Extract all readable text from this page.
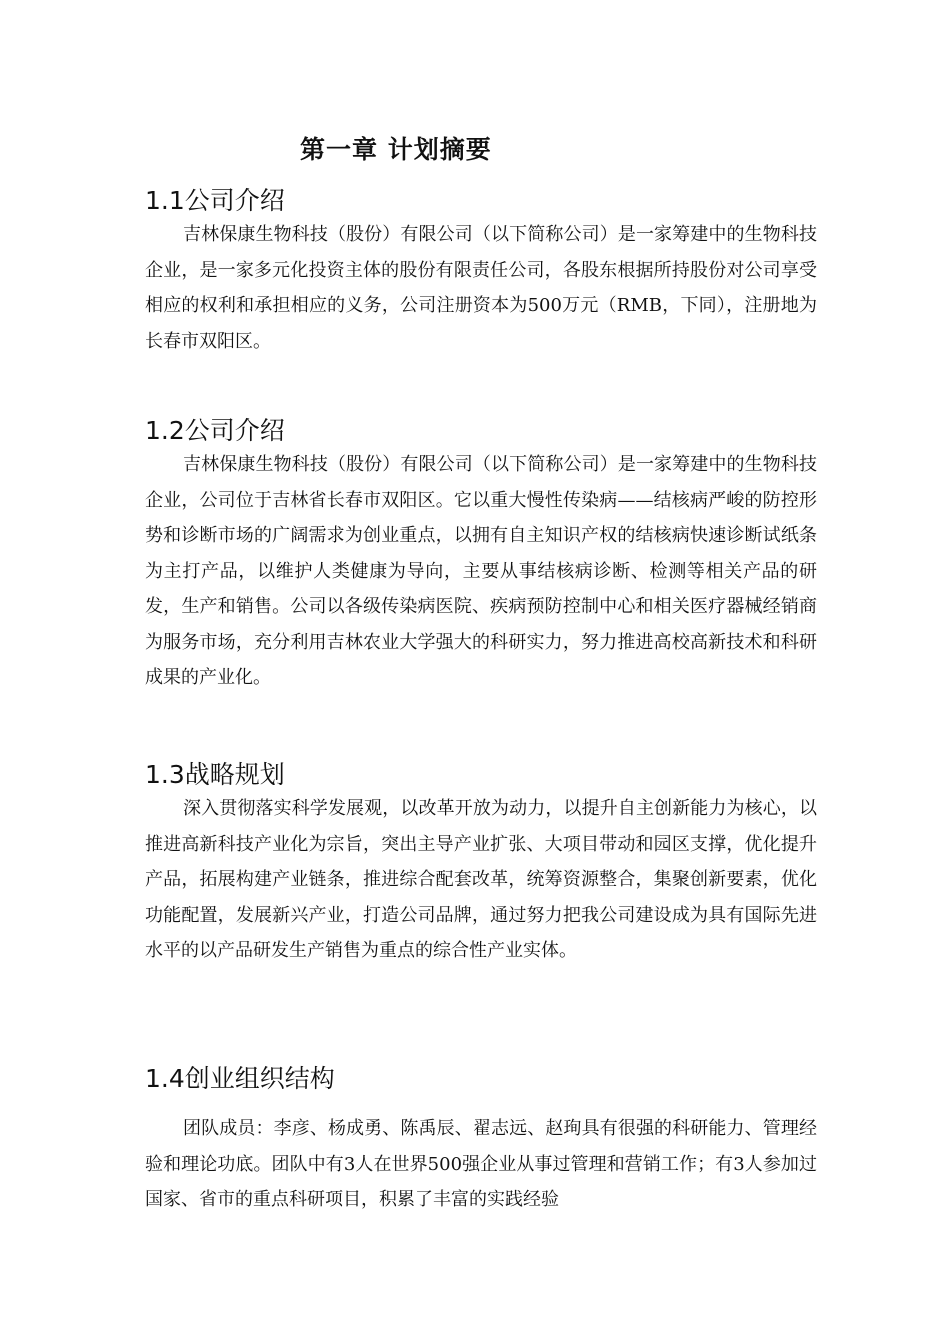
第一章 计划摘要
1.1公司介绍

吉林保康生物科技（股份）有限公司（以下简称公司）是一家筹建中的生物科技企业，是一家多元化投资主体的股份有限责任公司，各股东根据所持股份对公司享受相应的权利和承担相应的义务，公司注册资本为500万元（RMB，下同），注册地为长春市双阳区。

1.2公司介绍

吉林保康生物科技（股份）有限公司（以下简称公司）是一家筹建中的生物科技企业，公司位于吉林省长春市双阳区。它以重大慢性传染病——结核病严峻的防控形势和诊断市场的广阔需求为创业重点，以拥有自主知识产权的结核病快速诊断试纸条为主打产品，以维护人类健康为导向，主要从事结核病诊断、检测等相关产品的研发，生产和销售。公司以各级传染病医院、疾病预防控制中心和相关医疗器械经销商为服务市场，充分利用吉林农业大学强大的科研实力，努力推进高校高新技术和科研成果的产业化。

1.3战略规划

深入贯彻落实科学发展观，以改革开放为动力，以提升自主创新能力为核心，以推进高新科技产业化为宗旨，突出主导产业扩张、大项目带动和园区支撑，优化提升产品，拓展构建产业链条，推进综合配套改革，统筹资源整合，集聚创新要素，优化功能配置，发展新兴产业，打造公司品牌，通过努力把我公司建设成为具有国际先进水平的以产品研发生产销售为重点的综合性产业实体。

1.4创业组织结构

团队成员：李彦、杨成勇、陈禹辰、翟志远、赵珣具有很强的科研能力、管理经验和理论功底。团队中有3人在世界500强企业从事过管理和营销工作；有3人参加过国家、省市的重点科研项目，积累了丰富的实践经验
